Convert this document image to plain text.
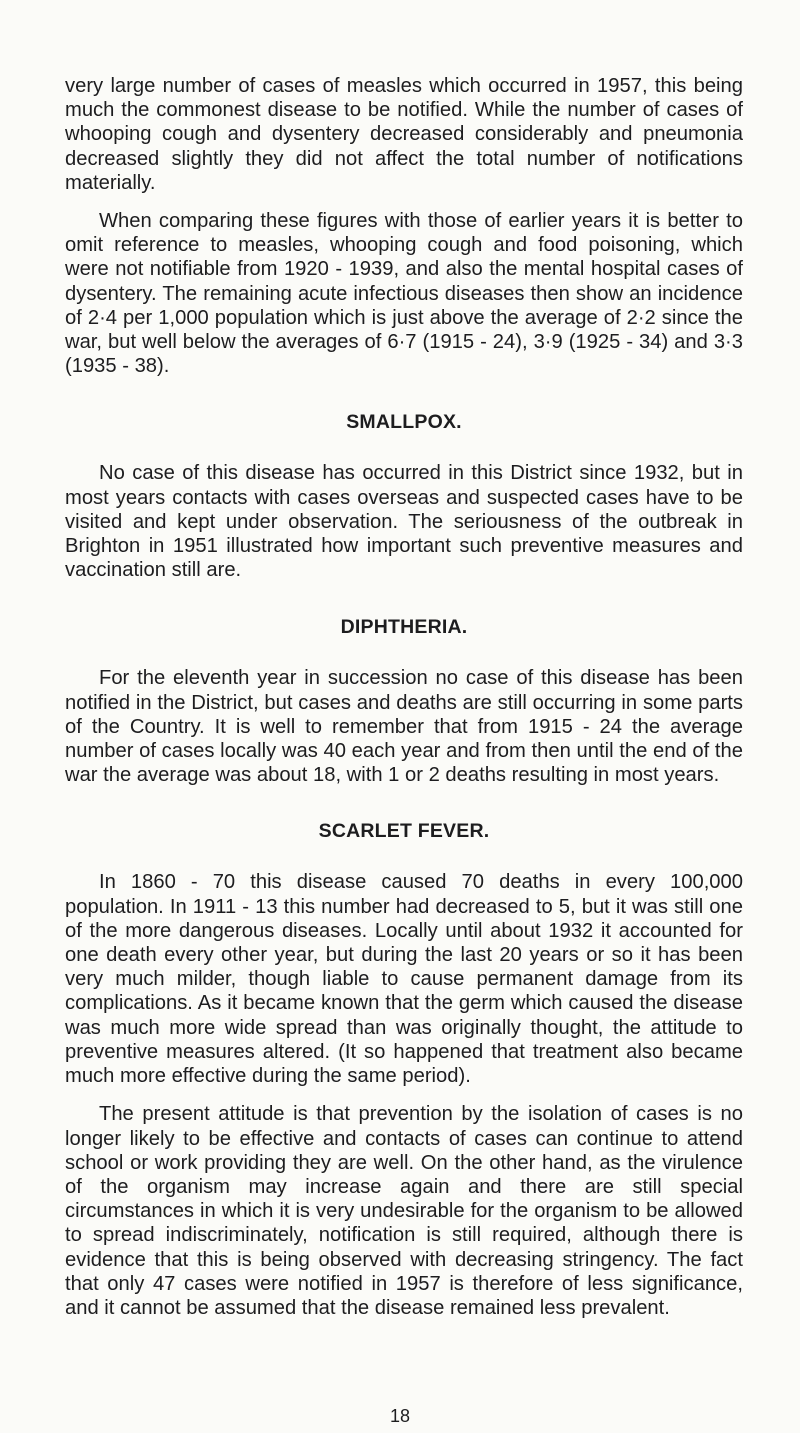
very large number of cases of measles which occurred in 1957, this being much the commonest disease to be notified. While the number of cases of whooping cough and dysentery decreased considerably and pneumonia decreased slightly they did not affect the total number of notifications materially.

When comparing these figures with those of earlier years it is better to omit reference to measles, whooping cough and food poisoning, which were not notifiable from 1920 - 1939, and also the mental hospital cases of dysentery. The remaining acute infectious diseases then show an incidence of 2·4 per 1,000 population which is just above the average of 2·2 since the war, but well below the averages of 6·7 (1915 - 24), 3·9 (1925 - 34) and 3·3 (1935 - 38).

SMALLPOX.

No case of this disease has occurred in this District since 1932, but in most years contacts with cases overseas and suspected cases have to be visited and kept under observation. The seriousness of the outbreak in Brighton in 1951 illustrated how important such preventive measures and vaccination still are.

DIPHTHERIA.

For the eleventh year in succession no case of this disease has been notified in the District, but cases and deaths are still occurring in some parts of the Country. It is well to remember that from 1915 - 24 the average number of cases locally was 40 each year and from then until the end of the war the average was about 18, with 1 or 2 deaths resulting in most years.

SCARLET FEVER.

In 1860 - 70 this disease caused 70 deaths in every 100,000 population. In 1911 - 13 this number had decreased to 5, but it was still one of the more dangerous diseases. Locally until about 1932 it accounted for one death every other year, but during the last 20 years or so it has been very much milder, though liable to cause permanent damage from its complications. As it became known that the germ which caused the disease was much more wide spread than was originally thought, the attitude to preventive measures altered. (It so happened that treatment also became much more effective during the same period).

The present attitude is that prevention by the isolation of cases is no longer likely to be effective and contacts of cases can continue to attend school or work providing they are well. On the other hand, as the virulence of the organism may increase again and there are still special circumstances in which it is very undesirable for the organism to be allowed to spread indiscriminately, notification is still required, although there is evidence that this is being observed with decreasing stringency. The fact that only 47 cases were notified in 1957 is therefore of less significance, and it cannot be assumed that the disease remained less prevalent.

18
